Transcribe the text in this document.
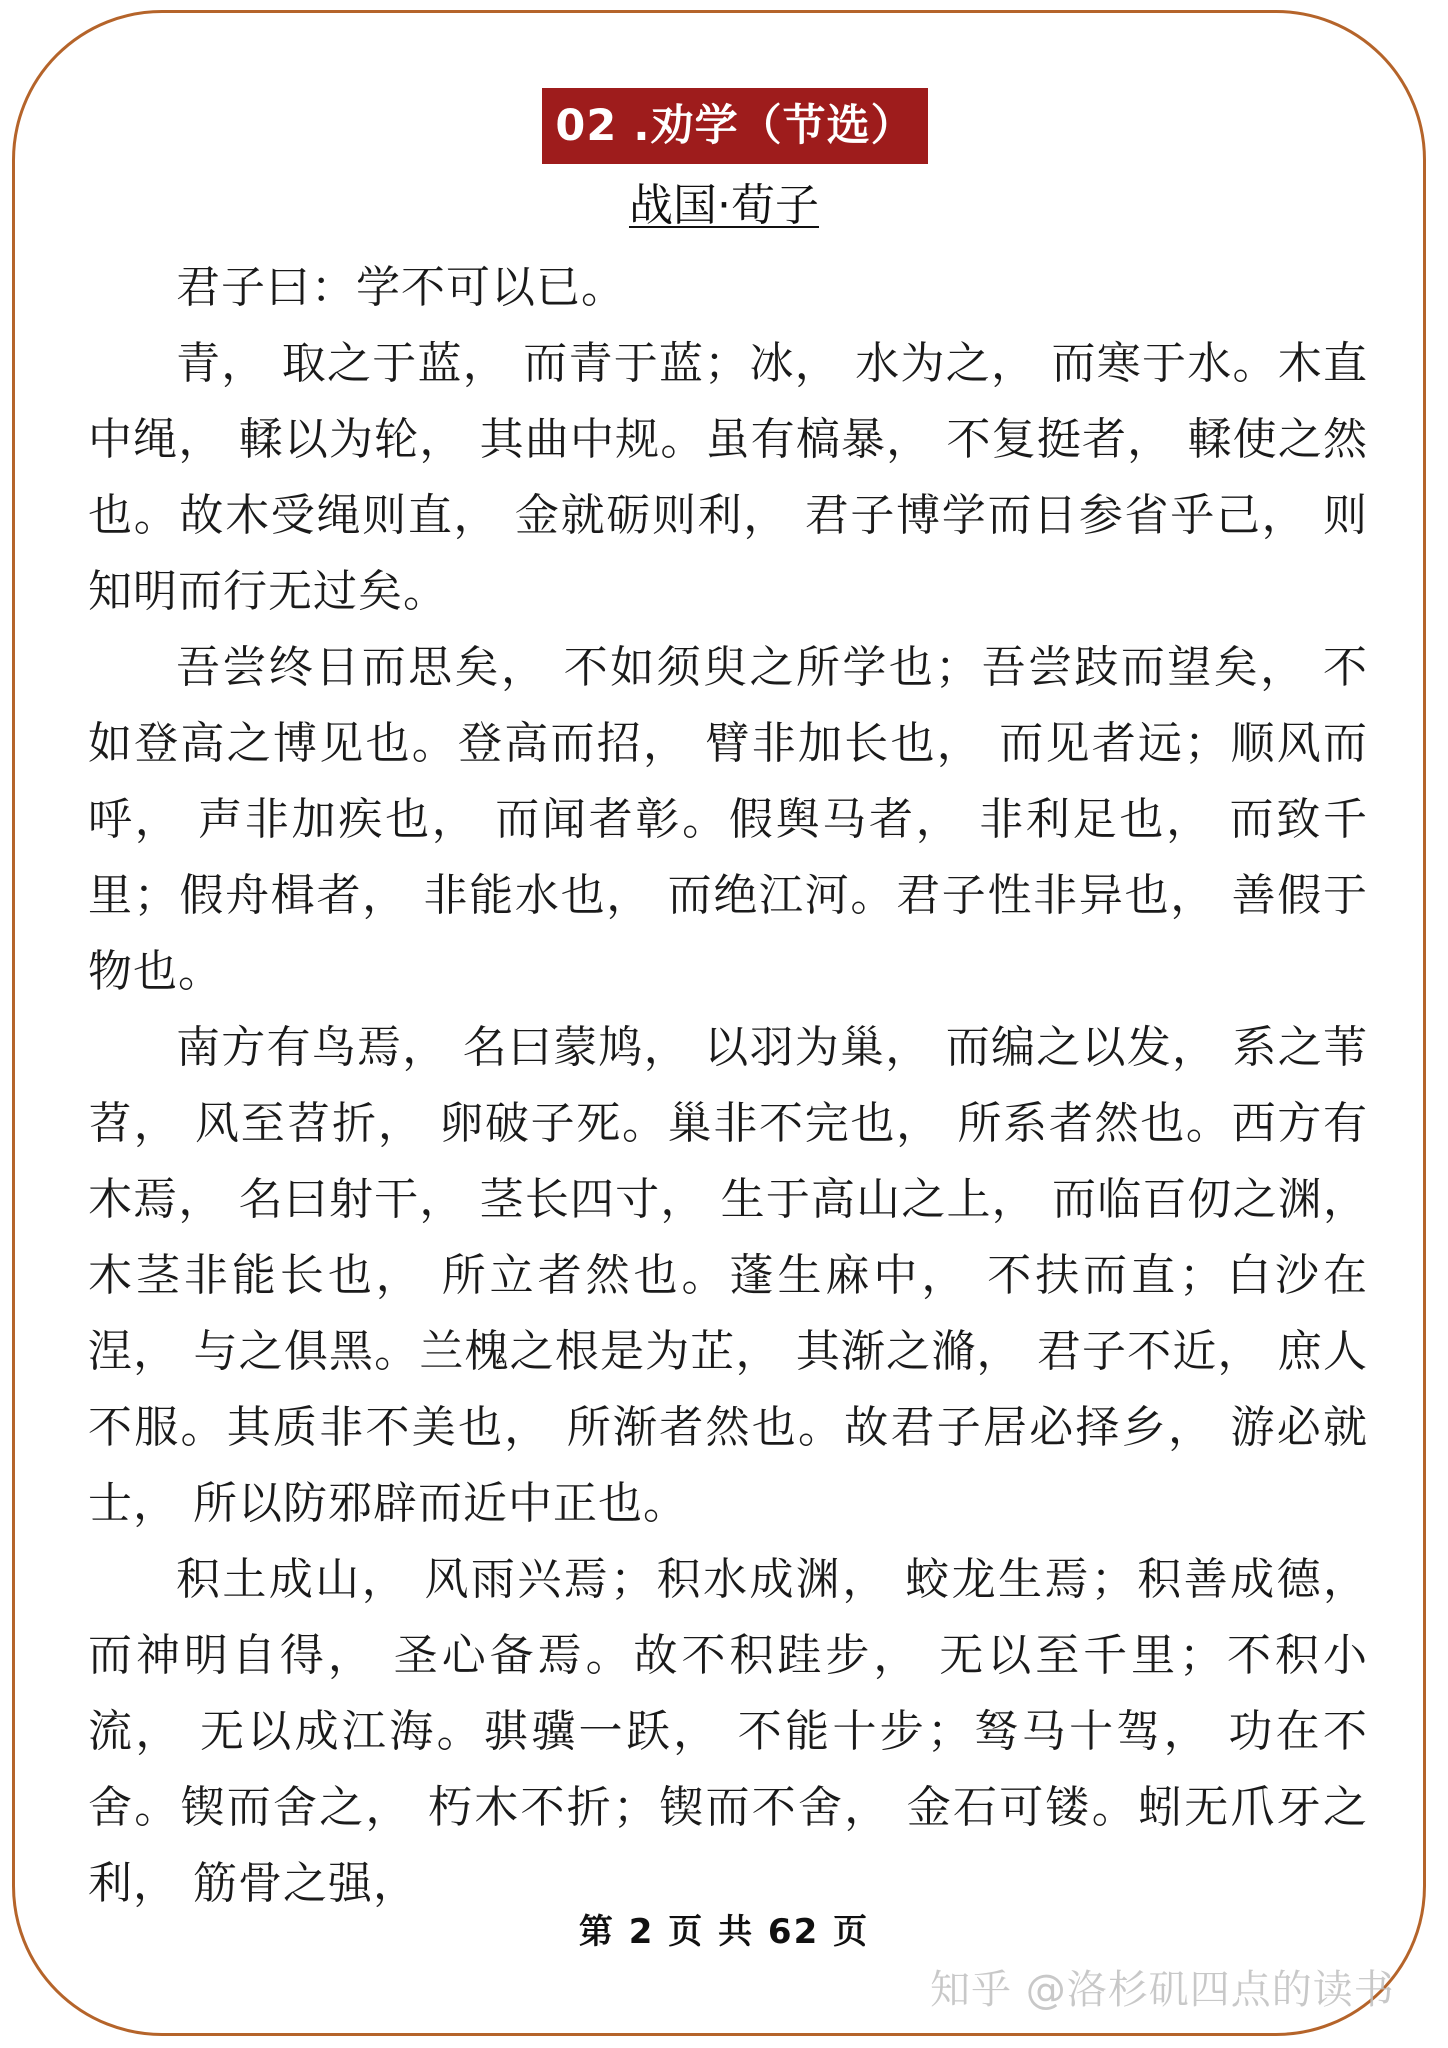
02 .劝学（节选）
战国·荀子

君子曰：学不可以已。

青， 取之于蓝， 而青于蓝；冰， 水为之， 而寒于水。木直中绳， 輮以为轮， 其曲中规。虽有槁暴， 不复挺者， 輮使之然也。故木受绳则直， 金就砺则利， 君子博学而日参省乎己， 则知明而行无过矣。

吾尝终日而思矣， 不如须臾之所学也；吾尝跂而望矣， 不如登高之博见也。登高而招， 臂非加长也， 而见者远；顺风而呼， 声非加疾也， 而闻者彰。假舆马者， 非利足也， 而致千里；假舟楫者， 非能水也， 而绝江河。君子性非异也， 善假于物也。

南方有鸟焉， 名曰蒙鸠， 以羽为巢， 而编之以发， 系之苇苕， 风至苕折， 卵破子死。巢非不完也， 所系者然也。西方有木焉， 名曰射干， 茎长四寸， 生于高山之上， 而临百仞之渊， 木茎非能长也， 所立者然也。蓬生麻中， 不扶而直；白沙在涅， 与之俱黑。兰槐之根是为芷， 其渐之滫， 君子不近， 庶人不服。其质非不美也， 所渐者然也。故君子居必择乡， 游必就士， 所以防邪辟而近中正也。

积土成山， 风雨兴焉；积水成渊， 蛟龙生焉；积善成德， 而神明自得， 圣心备焉。故不积跬步， 无以至千里；不积小流， 无以成江海。骐骥一跃， 不能十步；驽马十驾， 功在不舍。锲而舍之， 朽木不折；锲而不舍， 金石可镂。蚓无爪牙之利， 筋骨之强，

第 2 页 共 62 页
知乎 @洛杉矶四点的读书
